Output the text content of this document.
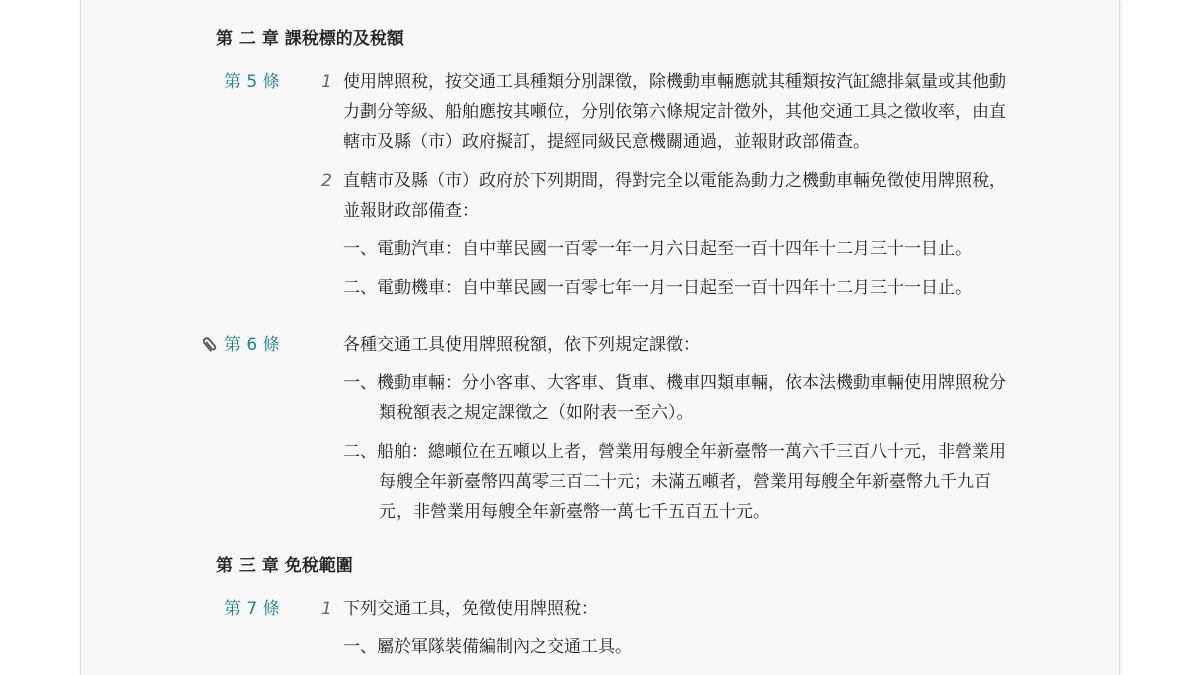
第 二 章 課稅標的及稅額
第 5 條	1 使用牌照稅，按交通工具種類分別課徵，除機動車輛應就其種類按汽缸總排氣量或其他動
力劃分等級、船舶應按其噸位，分別依第六條規定計徵外，其他交通工具之徵收率，由直
轄市及縣（市）政府擬訂，提經同級民意機關通過，並報財政部備查。
2 直轄市及縣（市）政府於下列期間，得對完全以電能為動力之機動車輛免徵使用牌照稅，
並報財政部備查：
一、電動汽車：自中華民國一百零一年一月六日起至一百十四年十二月三十一日止。
二、電動機車：自中華民國一百零七年一月一日起至一百十四年十二月三十一日止。
第 6 條	各種交通工具使用牌照稅額，依下列規定課徵：
一、機動車輛：分小客車、大客車、貨車、機車四類車輛，依本法機動車輛使用牌照稅分
類稅額表之規定課徵之（如附表一至六）。
二、船舶：總噸位在五噸以上者，營業用每艘全年新臺幣一萬六千三百八十元，非營業用
每艘全年新臺幣四萬零三百二十元；未滿五噸者，營業用每艘全年新臺幣九千九百
元，非營業用每艘全年新臺幣一萬七千五百五十元。
第 三 章 免稅範圍
第 7 條	1 下列交通工具，免徵使用牌照稅：
一、屬於軍隊裝備編制內之交通工具。
